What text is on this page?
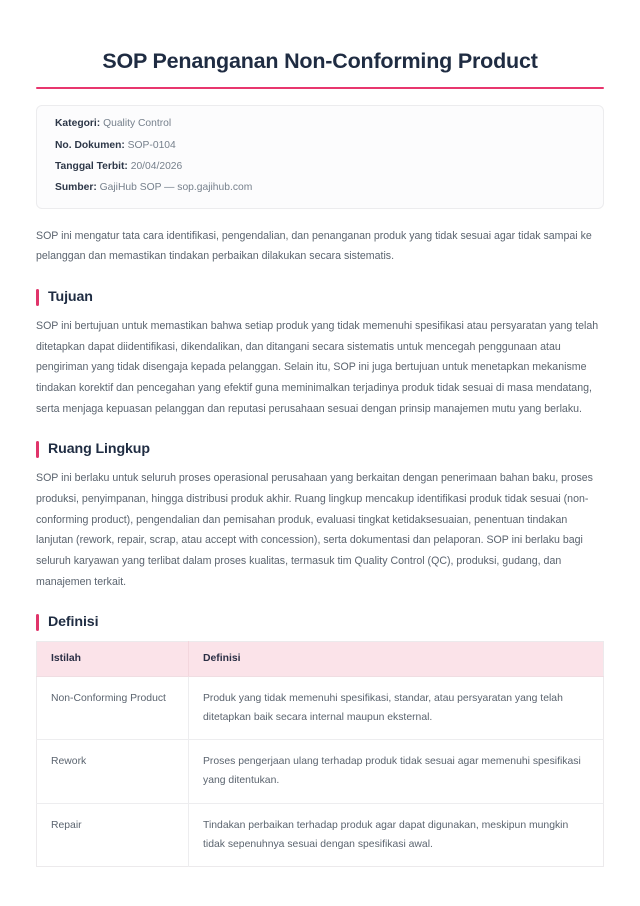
SOP Penanganan Non-Conforming Product
Kategori: Quality Control
No. Dokumen: SOP-0104
Tanggal Terbit: 20/04/2026
Sumber: GajiHub SOP — sop.gajihub.com

SOP ini mengatur tata cara identifikasi, pengendalian, dan penanganan produk yang tidak sesuai agar tidak sampai ke pelanggan dan memastikan tindakan perbaikan dilakukan secara sistematis.

Tujuan

SOP ini bertujuan untuk memastikan bahwa setiap produk yang tidak memenuhi spesifikasi atau persyaratan yang telah ditetapkan dapat diidentifikasi, dikendalikan, dan ditangani secara sistematis untuk mencegah penggunaan atau pengiriman yang tidak disengaja kepada pelanggan. Selain itu, SOP ini juga bertujuan untuk menetapkan mekanisme tindakan korektif dan pencegahan yang efektif guna meminimalkan terjadinya produk tidak sesuai di masa mendatang, serta menjaga kepuasan pelanggan dan reputasi perusahaan sesuai dengan prinsip manajemen mutu yang berlaku.

Ruang Lingkup

SOP ini berlaku untuk seluruh proses operasional perusahaan yang berkaitan dengan penerimaan bahan baku, proses produksi, penyimpanan, hingga distribusi produk akhir. Ruang lingkup mencakup identifikasi produk tidak sesuai (non-conforming product), pengendalian dan pemisahan produk, evaluasi tingkat ketidaksesuaian, penentuan tindakan lanjutan (rework, repair, scrap, atau accept with concession), serta dokumentasi dan pelaporan. SOP ini berlaku bagi seluruh karyawan yang terlibat dalam proses kualitas, termasuk tim Quality Control (QC), produksi, gudang, dan manajemen terkait.

Definisi
Istilah	Definisi
Non-Conforming Product	Produk yang tidak memenuhi spesifikasi, standar, atau persyaratan yang telah ditetapkan baik secara internal maupun eksternal.
Rework	Proses pengerjaan ulang terhadap produk tidak sesuai agar memenuhi spesifikasi yang ditentukan.
Repair	Tindakan perbaikan terhadap produk agar dapat digunakan, meskipun mungkin tidak sepenuhnya sesuai dengan spesifikasi awal.
